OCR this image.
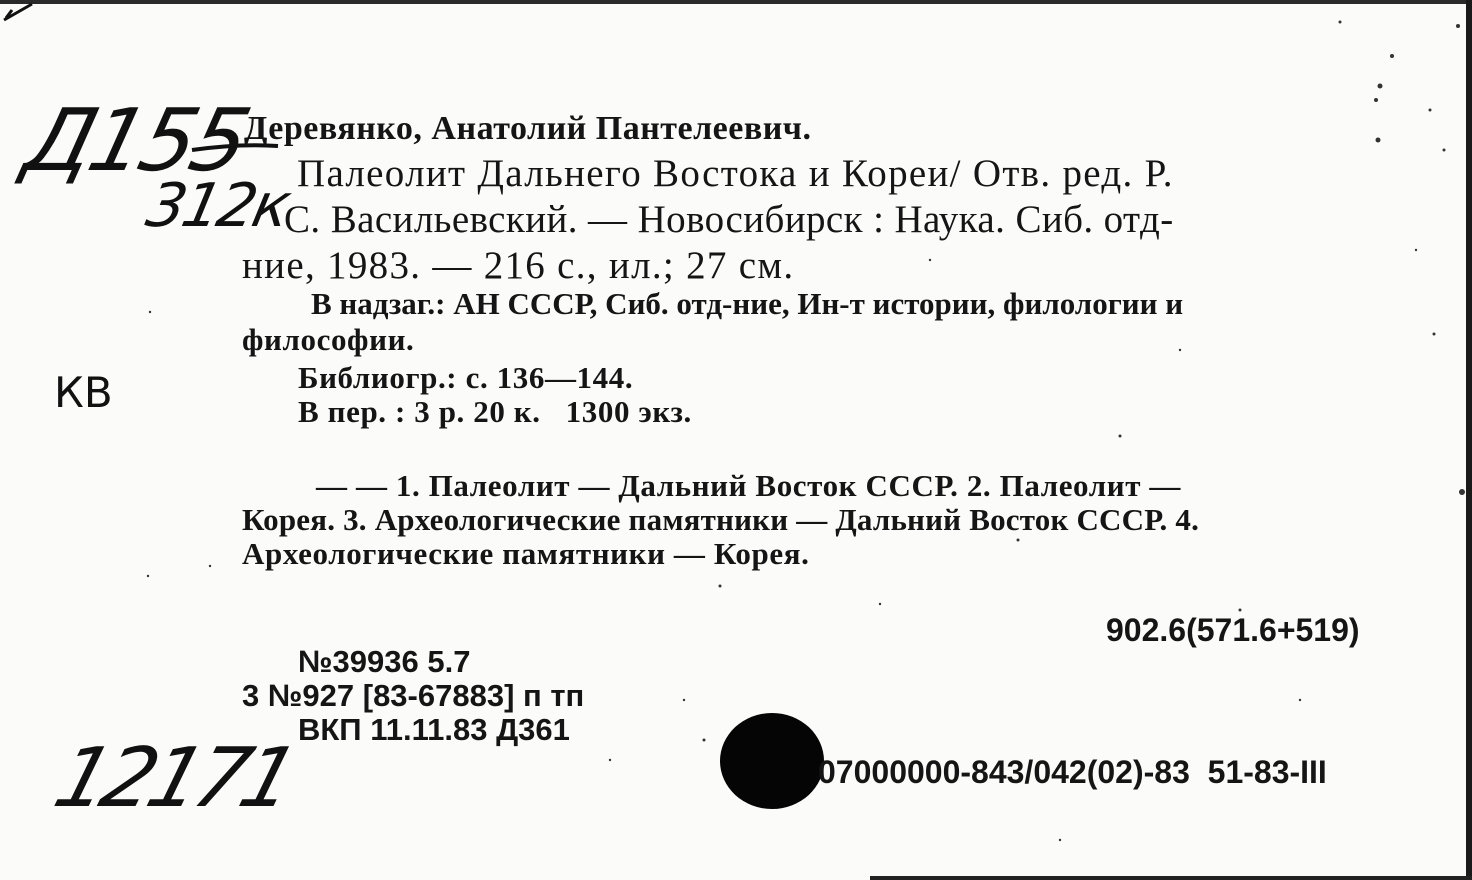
Д155
312к
КВ
12171
Деревянко, Анатолий Пантелеевич.
Палеолит Дальнего Востока и Кореи/ Отв. ред. Р.
С. Васильевский. — Новосибирск : Наука. Сиб. отд-
ние, 1983. — 216 с., ил.; 27 см.
В надзаг.: АН СССР, Сиб. отд-ние, Ин-т истории, филологии и
философии.
Библиогр.: с. 136—144.
В пер. : 3 р. 20 к.   1300 экз.
— — 1. Палеолит — Дальний Восток СССР. 2. Палеолит —
Корея. 3. Археологические памятники — Дальний Восток СССР. 4.
Археологические памятники — Корея.
902.6(571.6+519)
№39936 5.7
3 №927 [83-67883] п тп
ВКП 11.11.83 Д361
07000000-843/042(02)-83  51-83-III
